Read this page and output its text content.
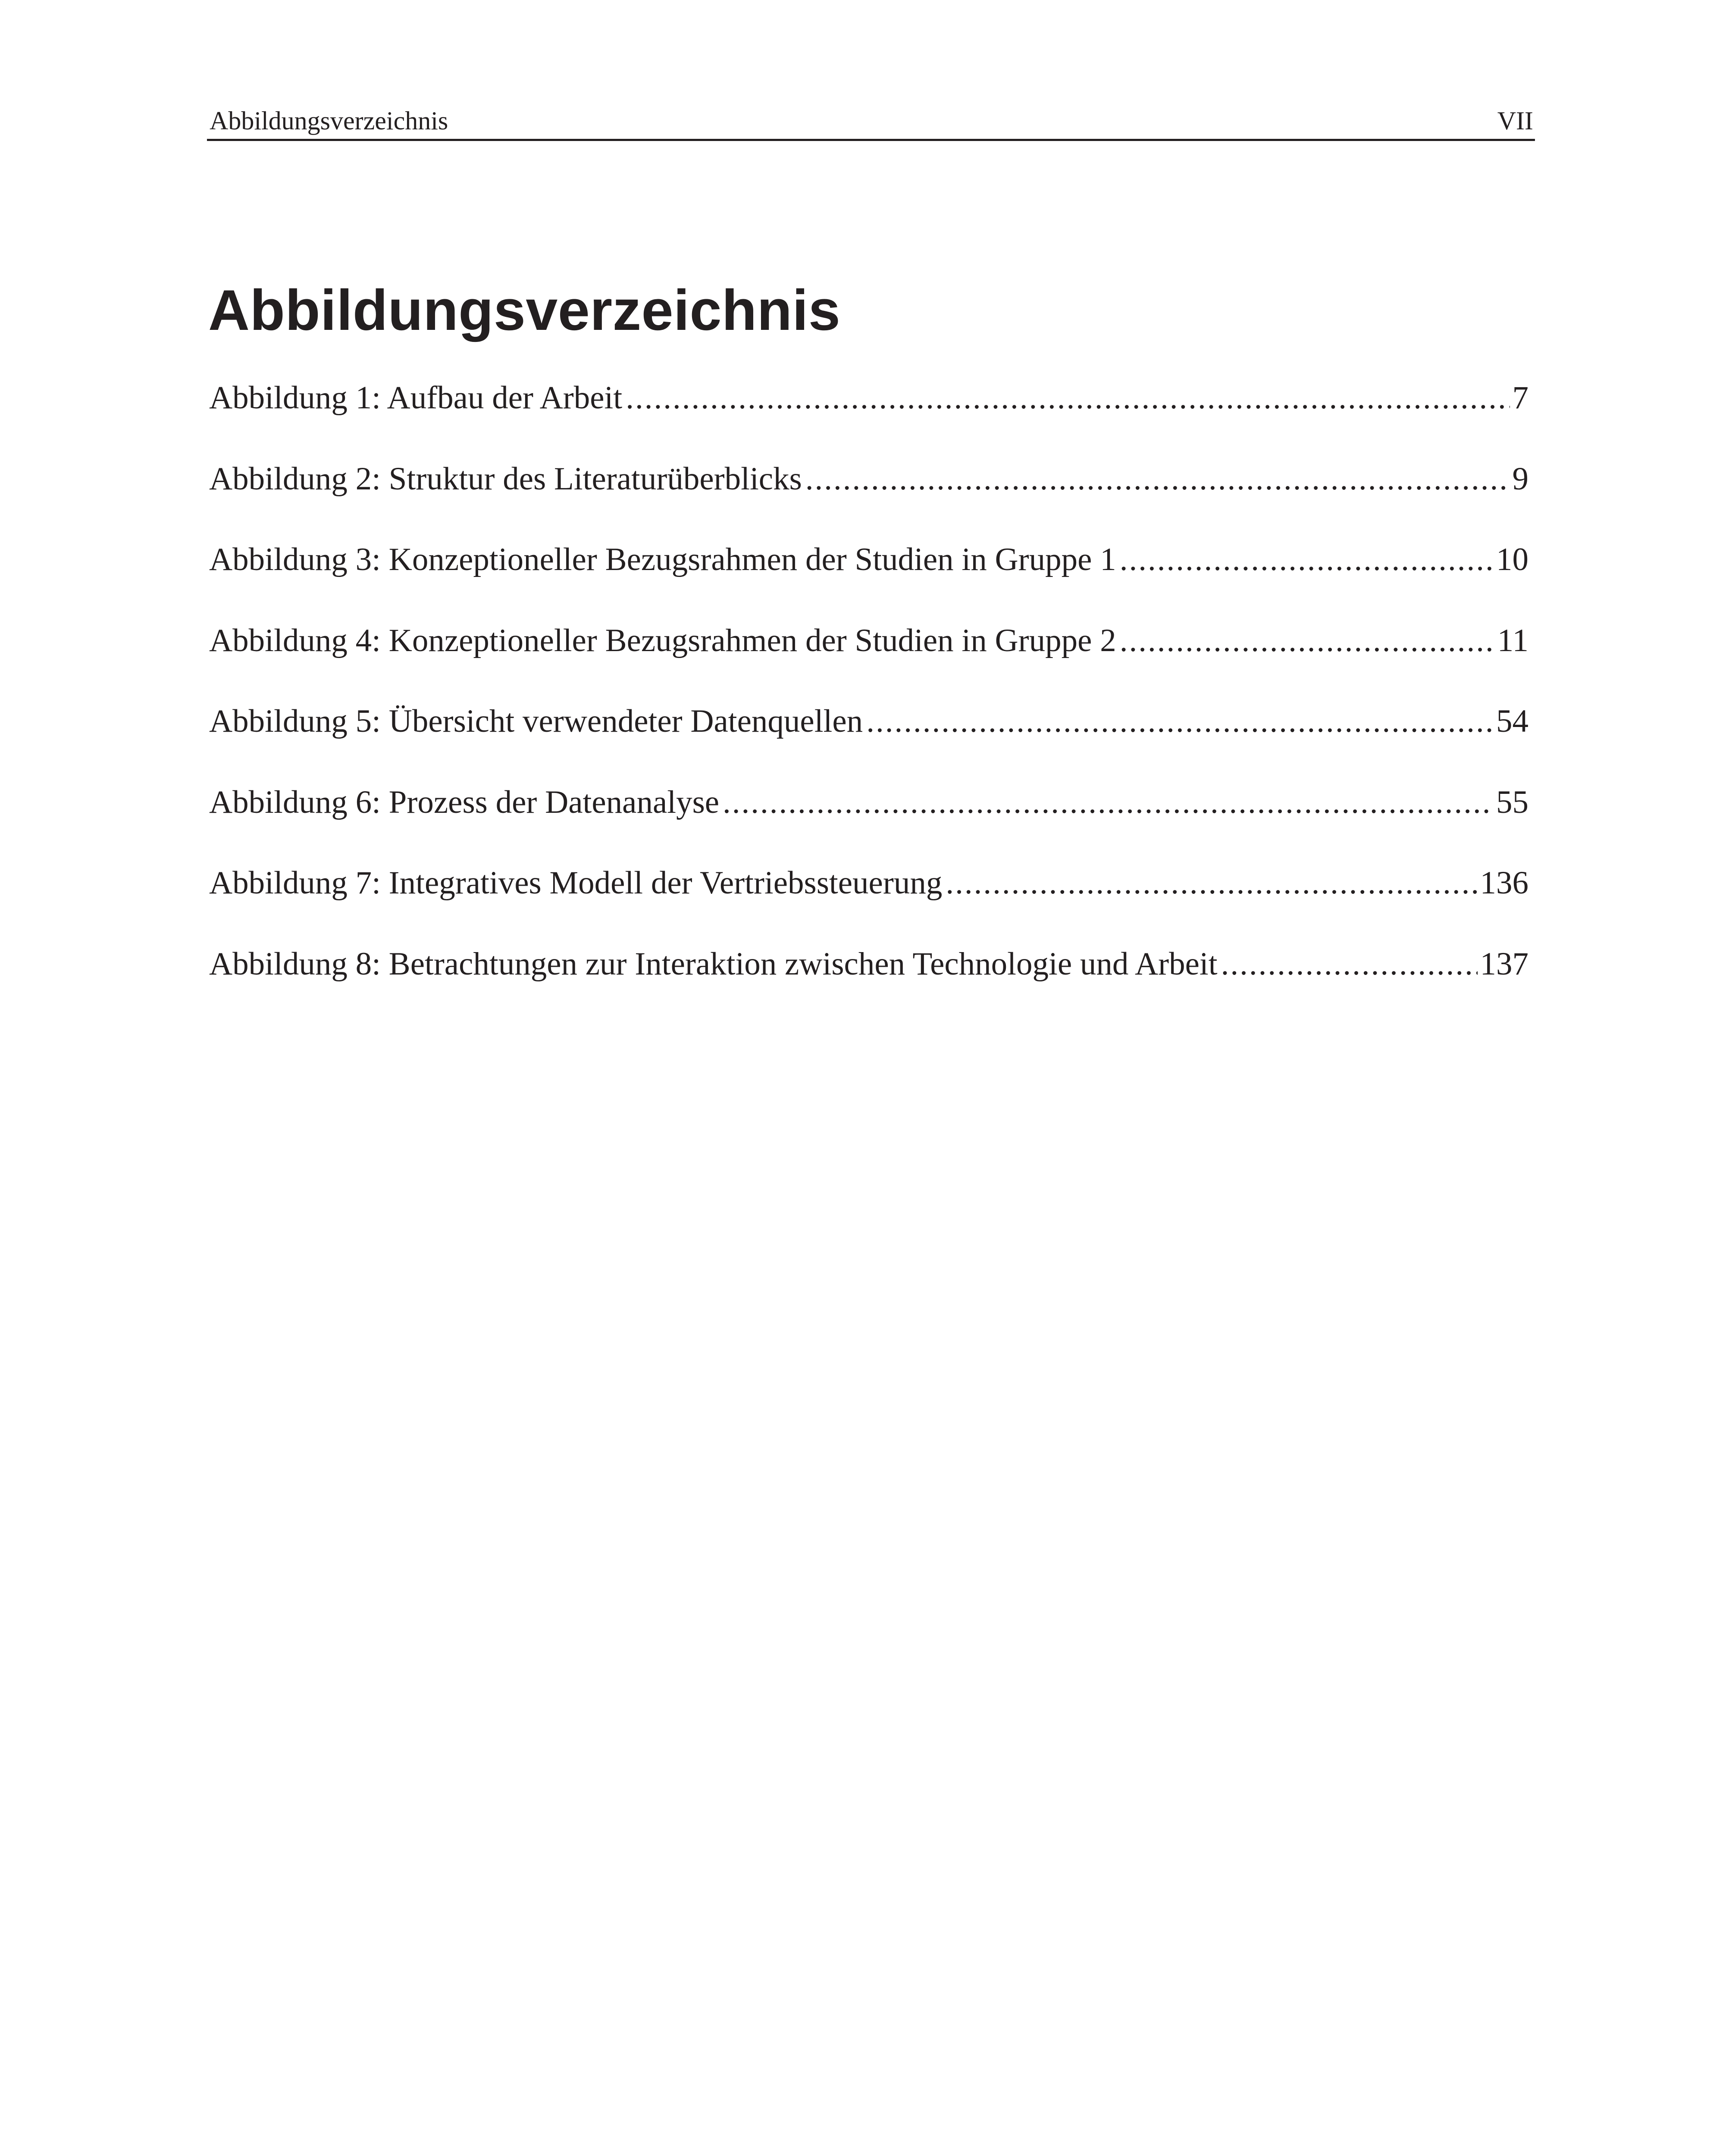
Abbildungsverzeichnis	VII
Abbildungsverzeichnis
Abbildung 1: Aufbau der Arbeit .....	7
Abbildung 2: Struktur des Literaturüberblicks .....	9
Abbildung 3: Konzeptioneller Bezugsrahmen der Studien in Gruppe 1 .....	10
Abbildung 4: Konzeptioneller Bezugsrahmen der Studien in Gruppe 2 .....	11
Abbildung 5: Übersicht verwendeter Datenquellen .....	54
Abbildung 6: Prozess der Datenanalyse .....	55
Abbildung 7: Integratives Modell der Vertriebssteuerung .....	136
Abbildung 8: Betrachtungen zur Interaktion zwischen Technologie und Arbeit .....	137
